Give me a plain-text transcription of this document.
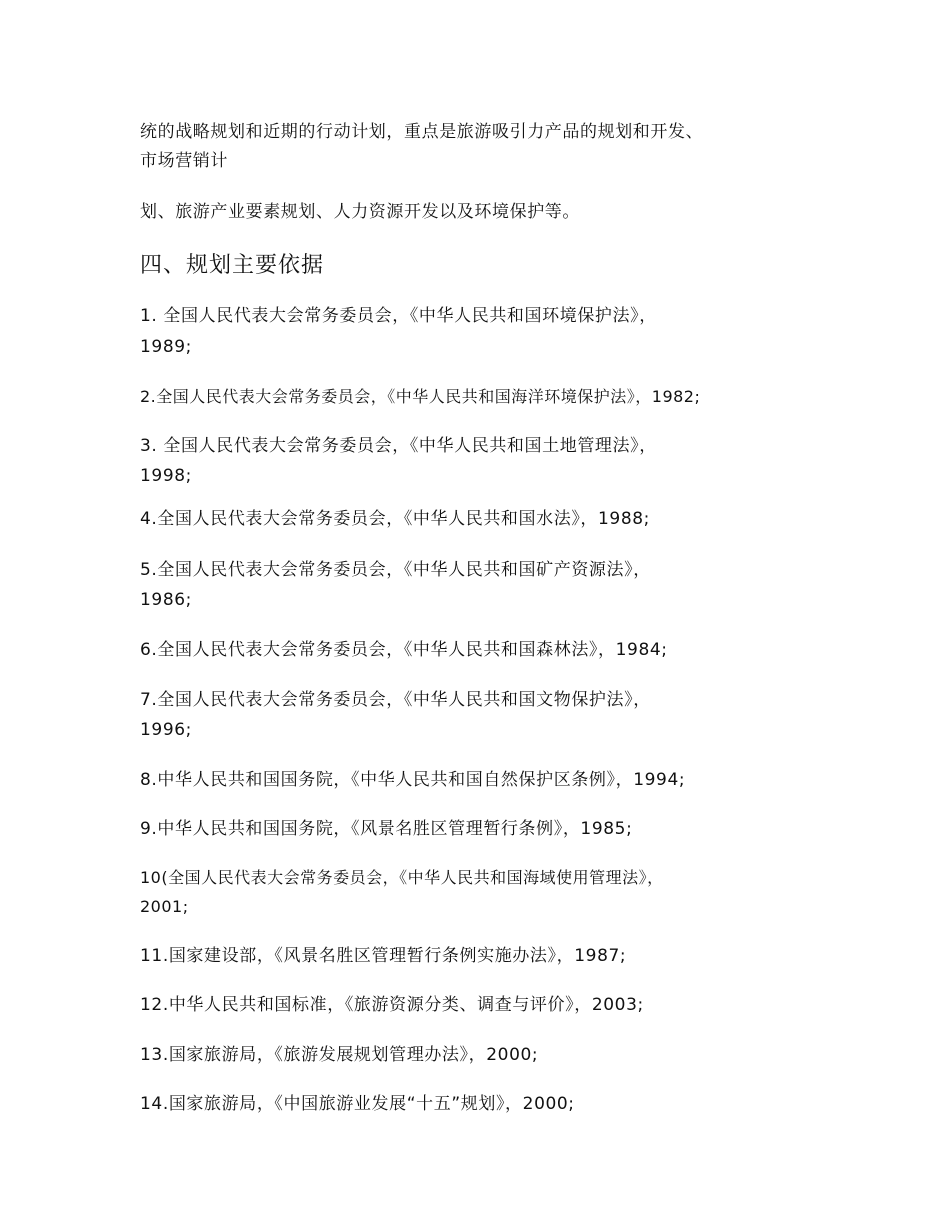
统的战略规划和近期的行动计划，重点是旅游吸引力产品的规划和开发、
市场营销计
划、旅游产业要素规划、人力资源开发以及环境保护等。
四、规划主要依据
1. 全国人民代表大会常务委员会，《中华人民共和国环境保护法》，
1989;
2.全国人民代表大会常务委员会，《中华人民共和国海洋环境保护法》，1982;
3. 全国人民代表大会常务委员会，《中华人民共和国土地管理法》，
1998;
4.全国人民代表大会常务委员会，《中华人民共和国水法》，1988;
5.全国人民代表大会常务委员会，《中华人民共和国矿产资源法》，
1986;
6.全国人民代表大会常务委员会，《中华人民共和国森林法》，1984;
7.全国人民代表大会常务委员会，《中华人民共和国文物保护法》，
1996;
8.中华人民共和国国务院，《中华人民共和国自然保护区条例》，1994;
9.中华人民共和国国务院，《风景名胜区管理暂行条例》，1985;
10(全国人民代表大会常务委员会，《中华人民共和国海域使用管理法》，
2001;
11.国家建设部，《风景名胜区管理暂行条例实施办法》，1987;
12.中华人民共和国标准，《旅游资源分类、调查与评价》，2003;
13.国家旅游局，《旅游发展规划管理办法》，2000;
14.国家旅游局，《中国旅游业发展“十五”规划》，2000;
